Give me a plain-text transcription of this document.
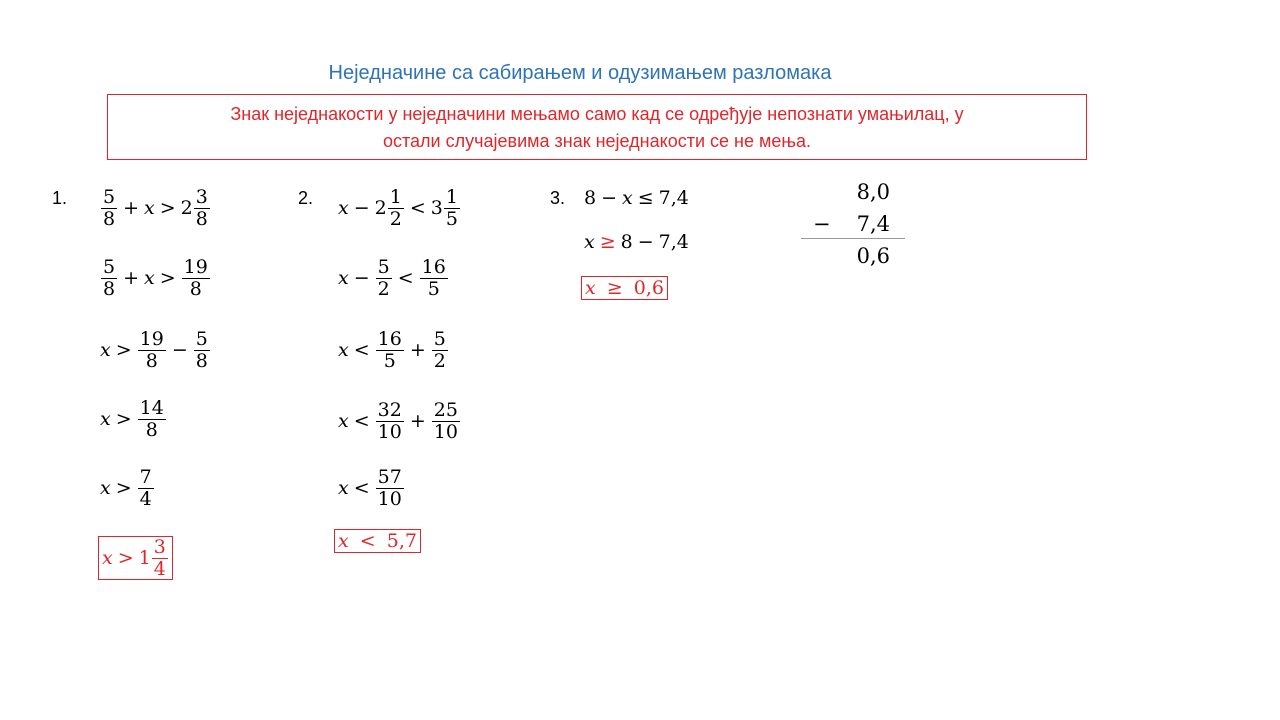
Неједначине са сабирањем и одузимањем разломака
Знак неједнакости у неједначини мењамо само кад се одређује непознати умањилац, у
остали случајевима знак неједнакости се не мења.
1. $\frac{5}{8}$ + 𝑥 > $2 \frac{3}{8}$
$\frac{5}{8}$ + 𝑥 > $\frac{19}{8}$
𝑥 > $\frac{19}{8} - \frac{5}{8}$
𝑥 > $\frac{14}{8}$
𝑥 > $\frac{7}{4}$
𝑥 > $1 \frac{3}{4}$
2. 𝑥 − $2 \frac{1}{2} < 3 \frac{1}{5}$
𝑥 − $\frac{5}{2} < \frac{16}{5}$
𝑥 < $\frac{16}{5} + \frac{5}{2}$
𝑥 < $\frac{32}{10} + \frac{25}{10}$
𝑥 < $\frac{57}{10}$
𝑥 < 5,7
3. 8 − 𝑥 ≤ 7,4
𝑥 ≥ 8 − 7,4
𝑥 ≥ 0,6
8,0
−	7,4
0,6
